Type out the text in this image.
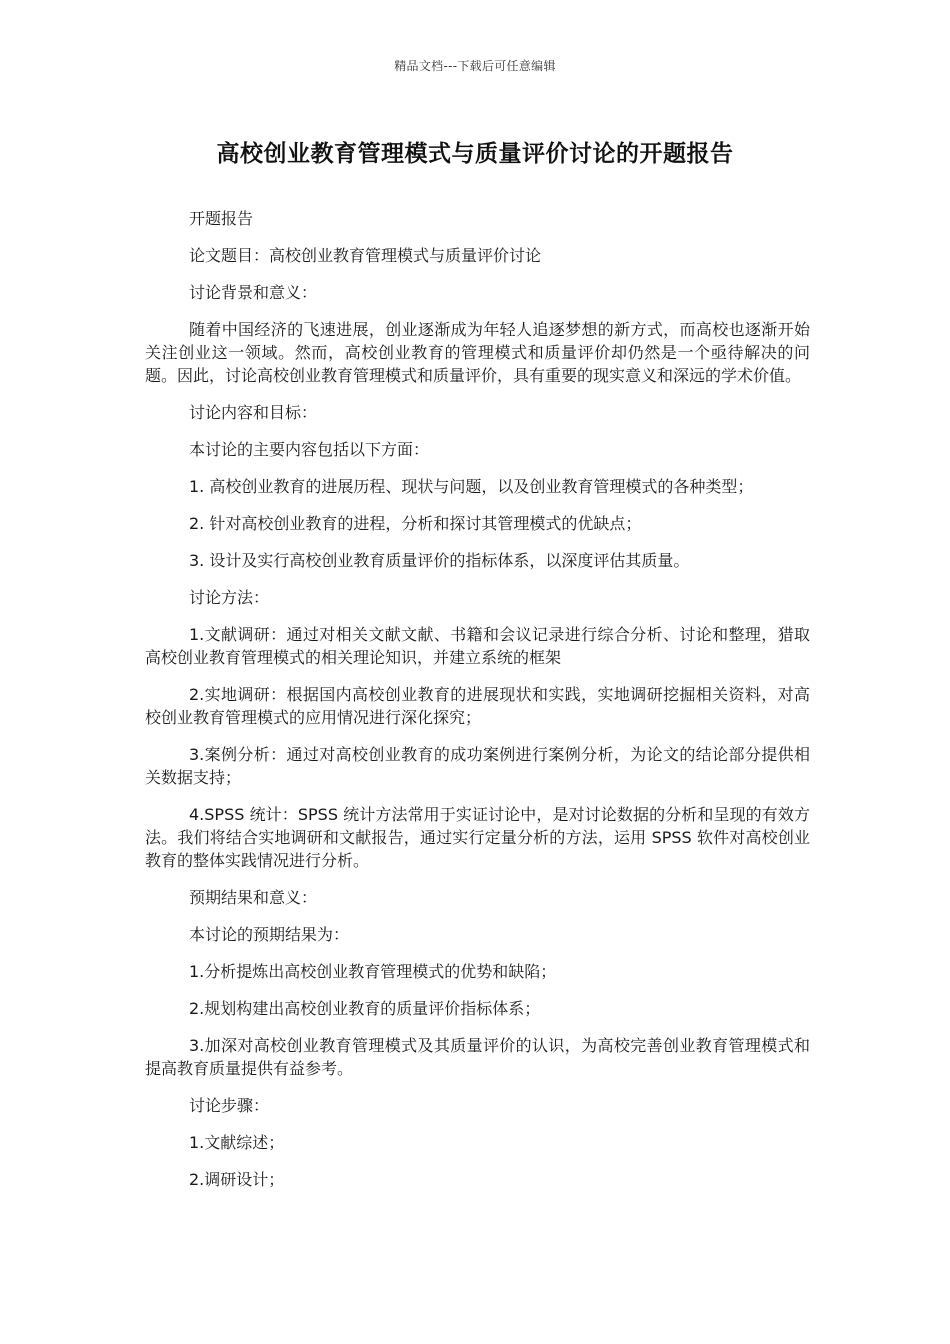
精品文档---下载后可任意编辑
高校创业教育管理模式与质量评价讨论的开题报告

开题报告

论文题目：高校创业教育管理模式与质量评价讨论

讨论背景和意义：

随着中国经济的飞速进展，创业逐渐成为年轻人追逐梦想的新方式，而高校也逐渐开始关注创业这一领域。然而，高校创业教育的管理模式和质量评价却仍然是一个亟待解决的问题。因此，讨论高校创业教育管理模式和质量评价，具有重要的现实意义和深远的学术价值。

讨论内容和目标：

本讨论的主要内容包括以下方面：

1. 高校创业教育的进展历程、现状与问题，以及创业教育管理模式的各种类型；

2. 针对高校创业教育的进程，分析和探讨其管理模式的优缺点；

3. 设计及实行高校创业教育质量评价的指标体系，以深度评估其质量。

讨论方法：

1.文献调研：通过对相关文献文献、书籍和会议记录进行综合分析、讨论和整理，猎取高校创业教育管理模式的相关理论知识，并建立系统的框架

2.实地调研：根据国内高校创业教育的进展现状和实践，实地调研挖掘相关资料，对高校创业教育管理模式的应用情况进行深化探究；

3.案例分析：通过对高校创业教育的成功案例进行案例分析，为论文的结论部分提供相关数据支持；

4.SPSS 统计：SPSS 统计方法常用于实证讨论中，是对讨论数据的分析和呈现的有效方法。我们将结合实地调研和文献报告，通过实行定量分析的方法，运用 SPSS 软件对高校创业教育的整体实践情况进行分析。

预期结果和意义：

本讨论的预期结果为：

1.分析提炼出高校创业教育管理模式的优势和缺陷；

2.规划构建出高校创业教育的质量评价指标体系；

3.加深对高校创业教育管理模式及其质量评价的认识，为高校完善创业教育管理模式和提高教育质量提供有益参考。

讨论步骤：

1.文献综述；

2.调研设计；
